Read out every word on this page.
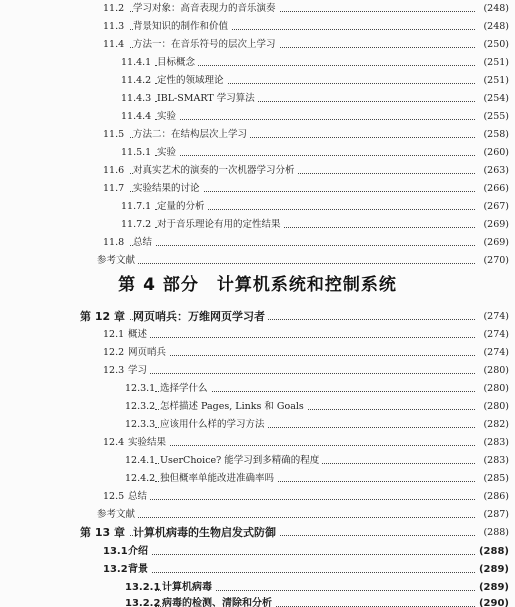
11.2 学习对象：高音表现力的音乐演奏	(248)
11.3 背景知识的制作和价值	(248)
11.4 方法一：在音乐符号的层次上学习	(250)
11.4.1 目标概念	(251)
11.4.2 定性的领域理论	(251)
11.4.3 IBL-SMART 学习算法	(254)
11.4.4 实验	(255)
11.5 方法二：在结构层次上学习	(258)
11.5.1 实验	(260)
11.6 对真实艺术的演奏的一次机器学习分析	(263)
11.7 实验结果的讨论	(266)
11.7.1 定量的分析	(267)
11.7.2 对于音乐理论有用的定性结果	(269)
11.8 总结	(269)
参考文献	(270)
第 4 部分　计算机系统和控制系统
第 12 章 网页哨兵：万维网页学习者	(274)
12.1 概述	(274)
12.2 网页哨兵	(274)
12.3 学习	(280)
12.3.1 选择学什么	(280)
12.3.2 怎样描述 Pages, Links 和 Goals	(280)
12.3.3 应该用什么样的学习方法	(282)
12.4 实验结果	(283)
12.4.1 UserChoice? 能学习到多精确的程度	(283)
12.4.2 独但概率单能改进准确率吗	(285)
12.5 总结	(286)
参考文献	(287)
第 13 章 计算机病毒的生物启发式防御	(288)
13.1 介绍	(288)
13.2 背景	(289)
13.2.1 计算机病毒	(289)
13.2.2 病毒的检测、清除和分析	(290)
